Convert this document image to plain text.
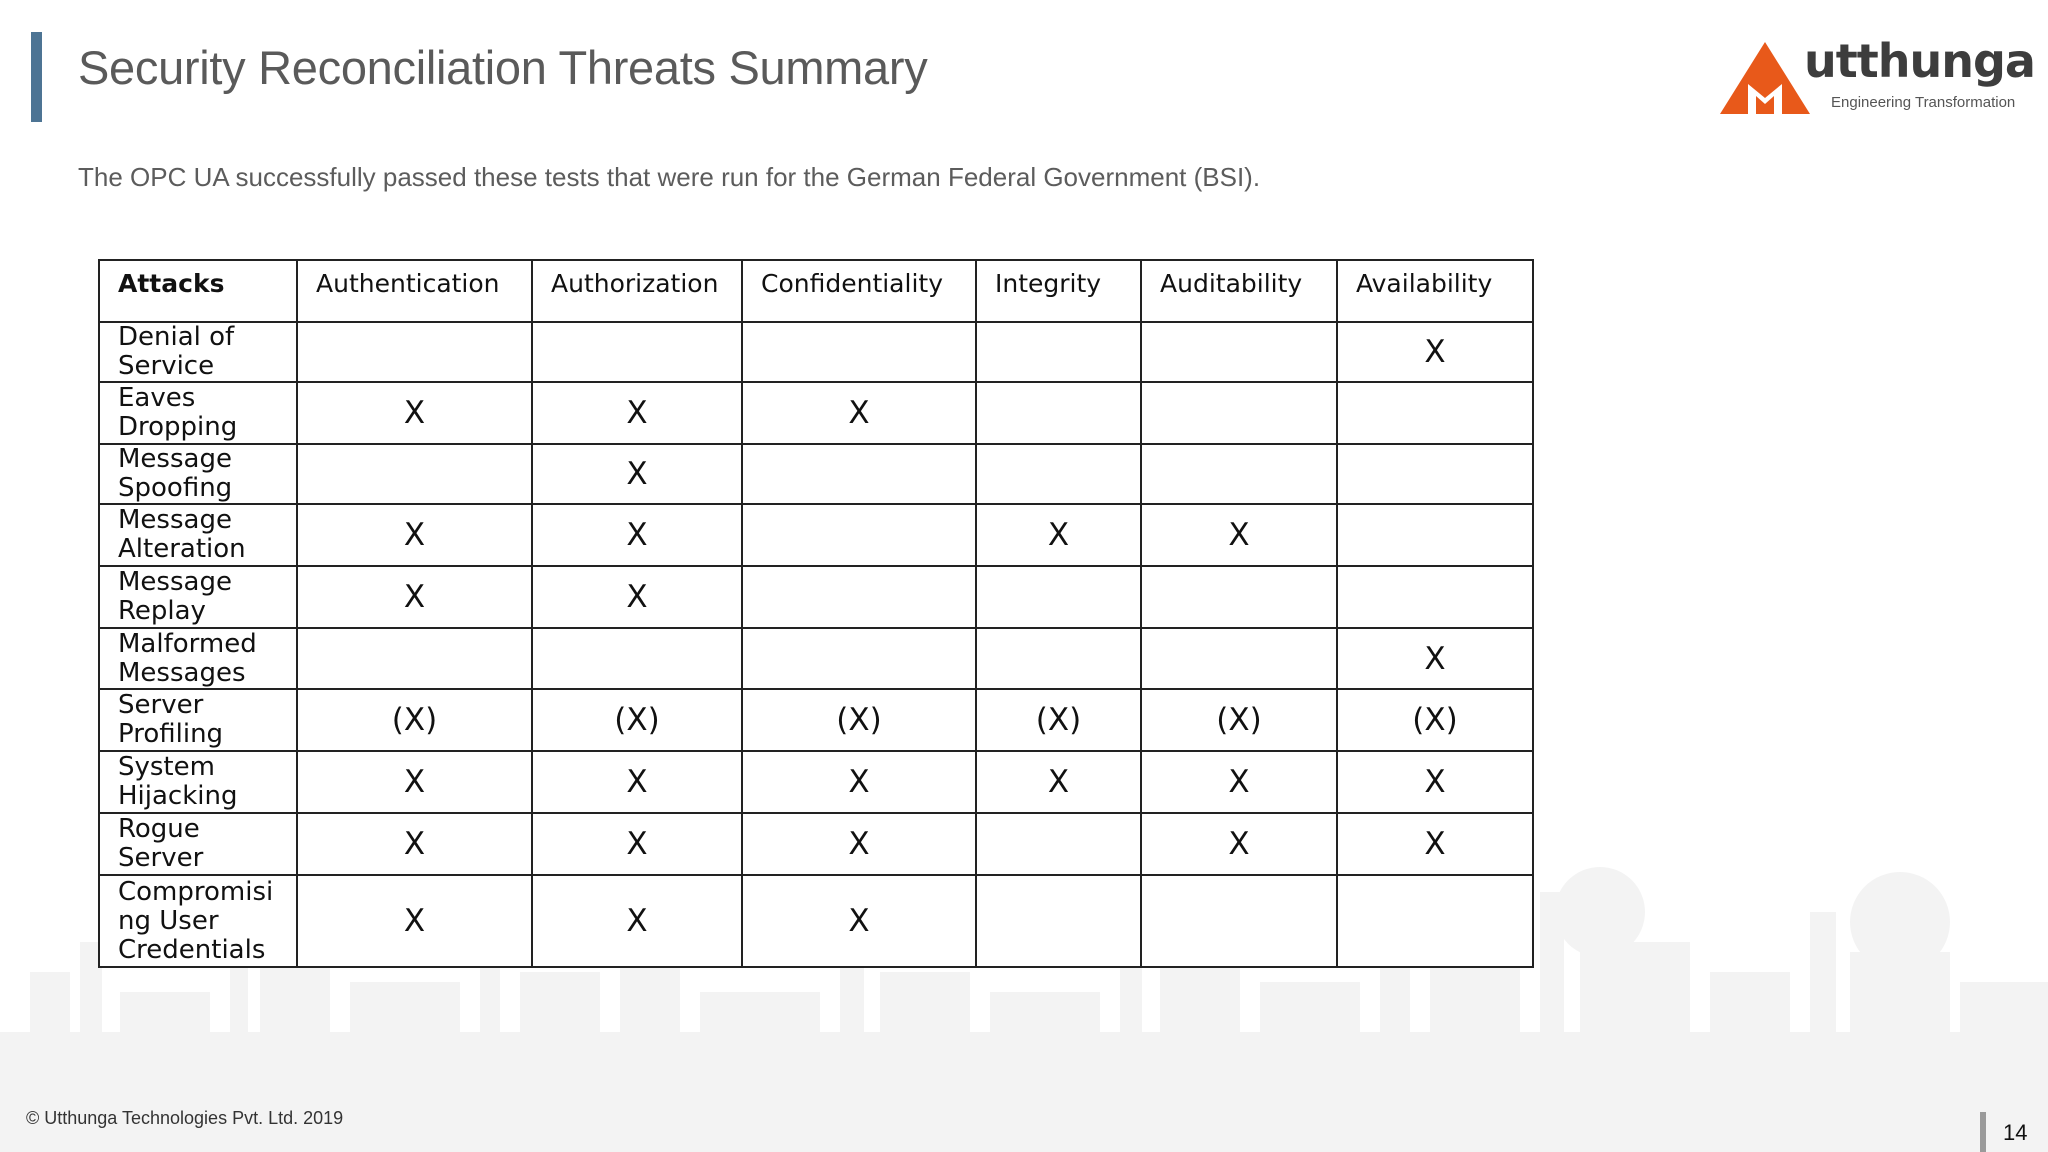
Security Reconciliation Threats Summary
The OPC UA successfully passed these tests that were run for the German Federal Government (BSI).
utthunga
Engineering Transformation
Attacks	Authentication	Authorization	Confidentiality	Integrity	Auditability	Availability
Denial of
Service						X
Eaves
Dropping	X	X	X			
Message
Spoofing		X				
Message
Alteration	X	X		X	X	
Message
Replay	X	X				
Malformed
Messages						X
Server
Profiling	(X)	(X)	(X)	(X)	(X)	(X)
System
Hijacking	X	X	X	X	X	X
Rogue
Server	X	X	X		X	X
Compromisi
ng User
Credentials	X	X	X			
© Utthunga Technologies Pvt. Ltd. 2019
14
